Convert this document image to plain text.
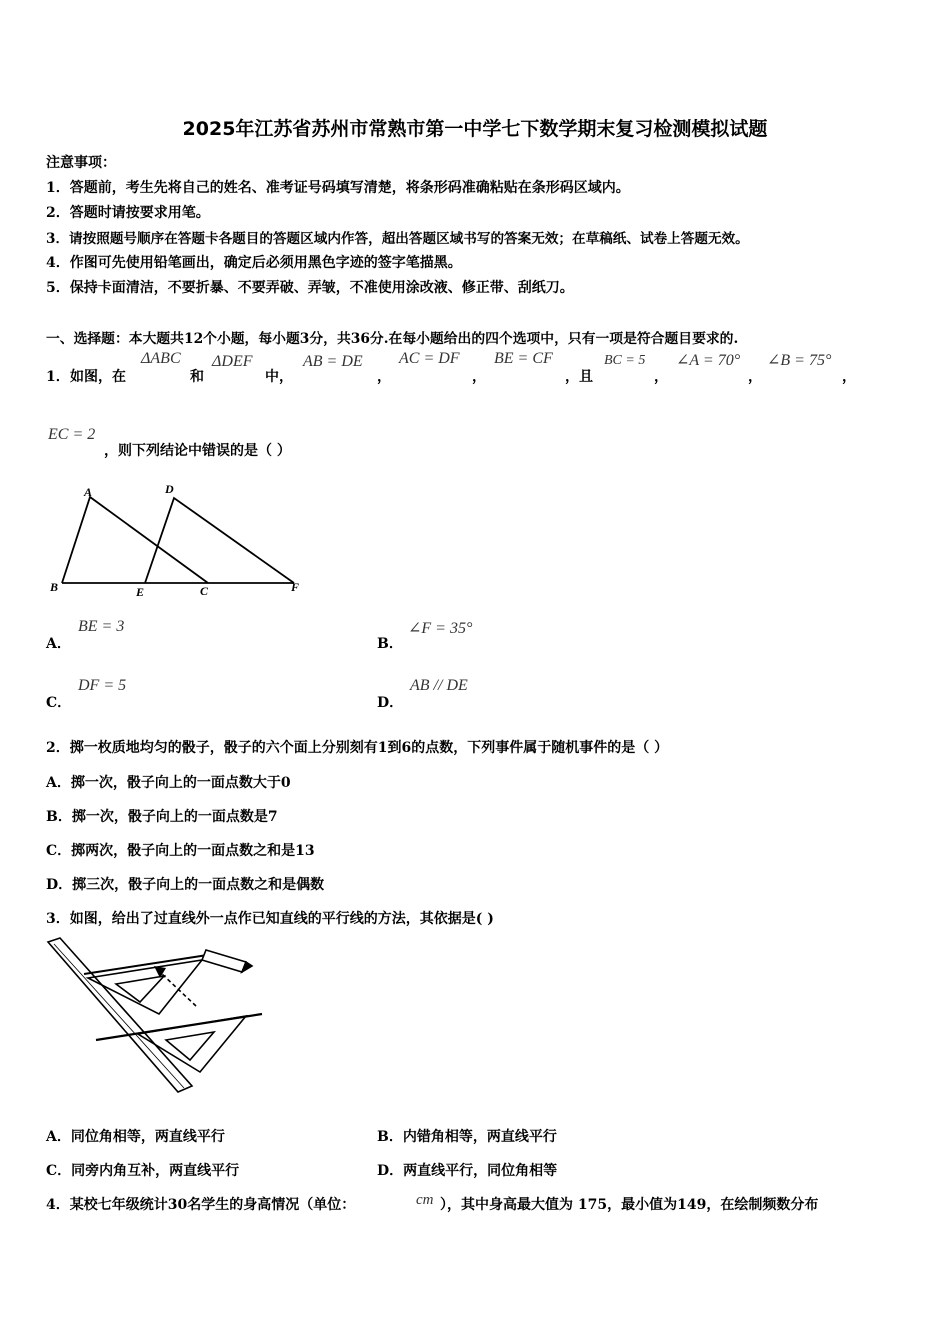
2025年江苏省苏州市常熟市第一中学七下数学期末复习检测模拟试题
注意事项：
1．答题前，考生先将自己的姓名、准考证号码填写清楚，将条形码准确粘贴在条形码区域内。
2．答题时请按要求用笔。
3．请按照题号顺序在答题卡各题目的答题区域内作答，超出答题区域书写的答案无效；在草稿纸、试卷上答题无效。
4．作图可先使用铅笔画出，确定后必须用黑色字迹的签字笔描黑。
5．保持卡面清洁，不要折暴、不要弄破、弄皱，不准使用涂改液、修正带、刮纸刀。
一、选择题：本大题共12个小题，每小题3分，共36分.在每小题给出的四个选项中，只有一项是符合题目要求的.
1． 如图，在
ΔABC
和
ΔDEF
中，
AB = DE
，
AC = DF
，
BE = CF
，且
BC = 5
，
∠A = 70°
，
∠B = 75°
，
EC = 2
，则下列结论中错误的是（ ）
A	D
B	E	C	F
A．
BE = 3
B．
∠F = 35°
C．
DF = 5
D．
AB // DE
2．掷一枚质地均匀的骰子，骰子的六个面上分别刻有1到6的点数，下列事件属于随机事件的是（ ）
A．掷一次，骰子向上的一面点数大于0
B．掷一次，骰子向上的一面点数是7
C．掷两次，骰子向上的一面点数之和是13
D．掷三次，骰子向上的一面点数之和是偶数
3．如图，给出了过直线外一点作已知直线的平行线的方法，其依据是( )
A．同位角相等，两直线平行	B．内错角相等，两直线平行
C．同旁内角互补，两直线平行	D．两直线平行，同位角相等
4．某校七年级统计30名学生的身高情况（单位：	cm ），其中身高最大值为 175，最小值为149，在绘制频数分布
